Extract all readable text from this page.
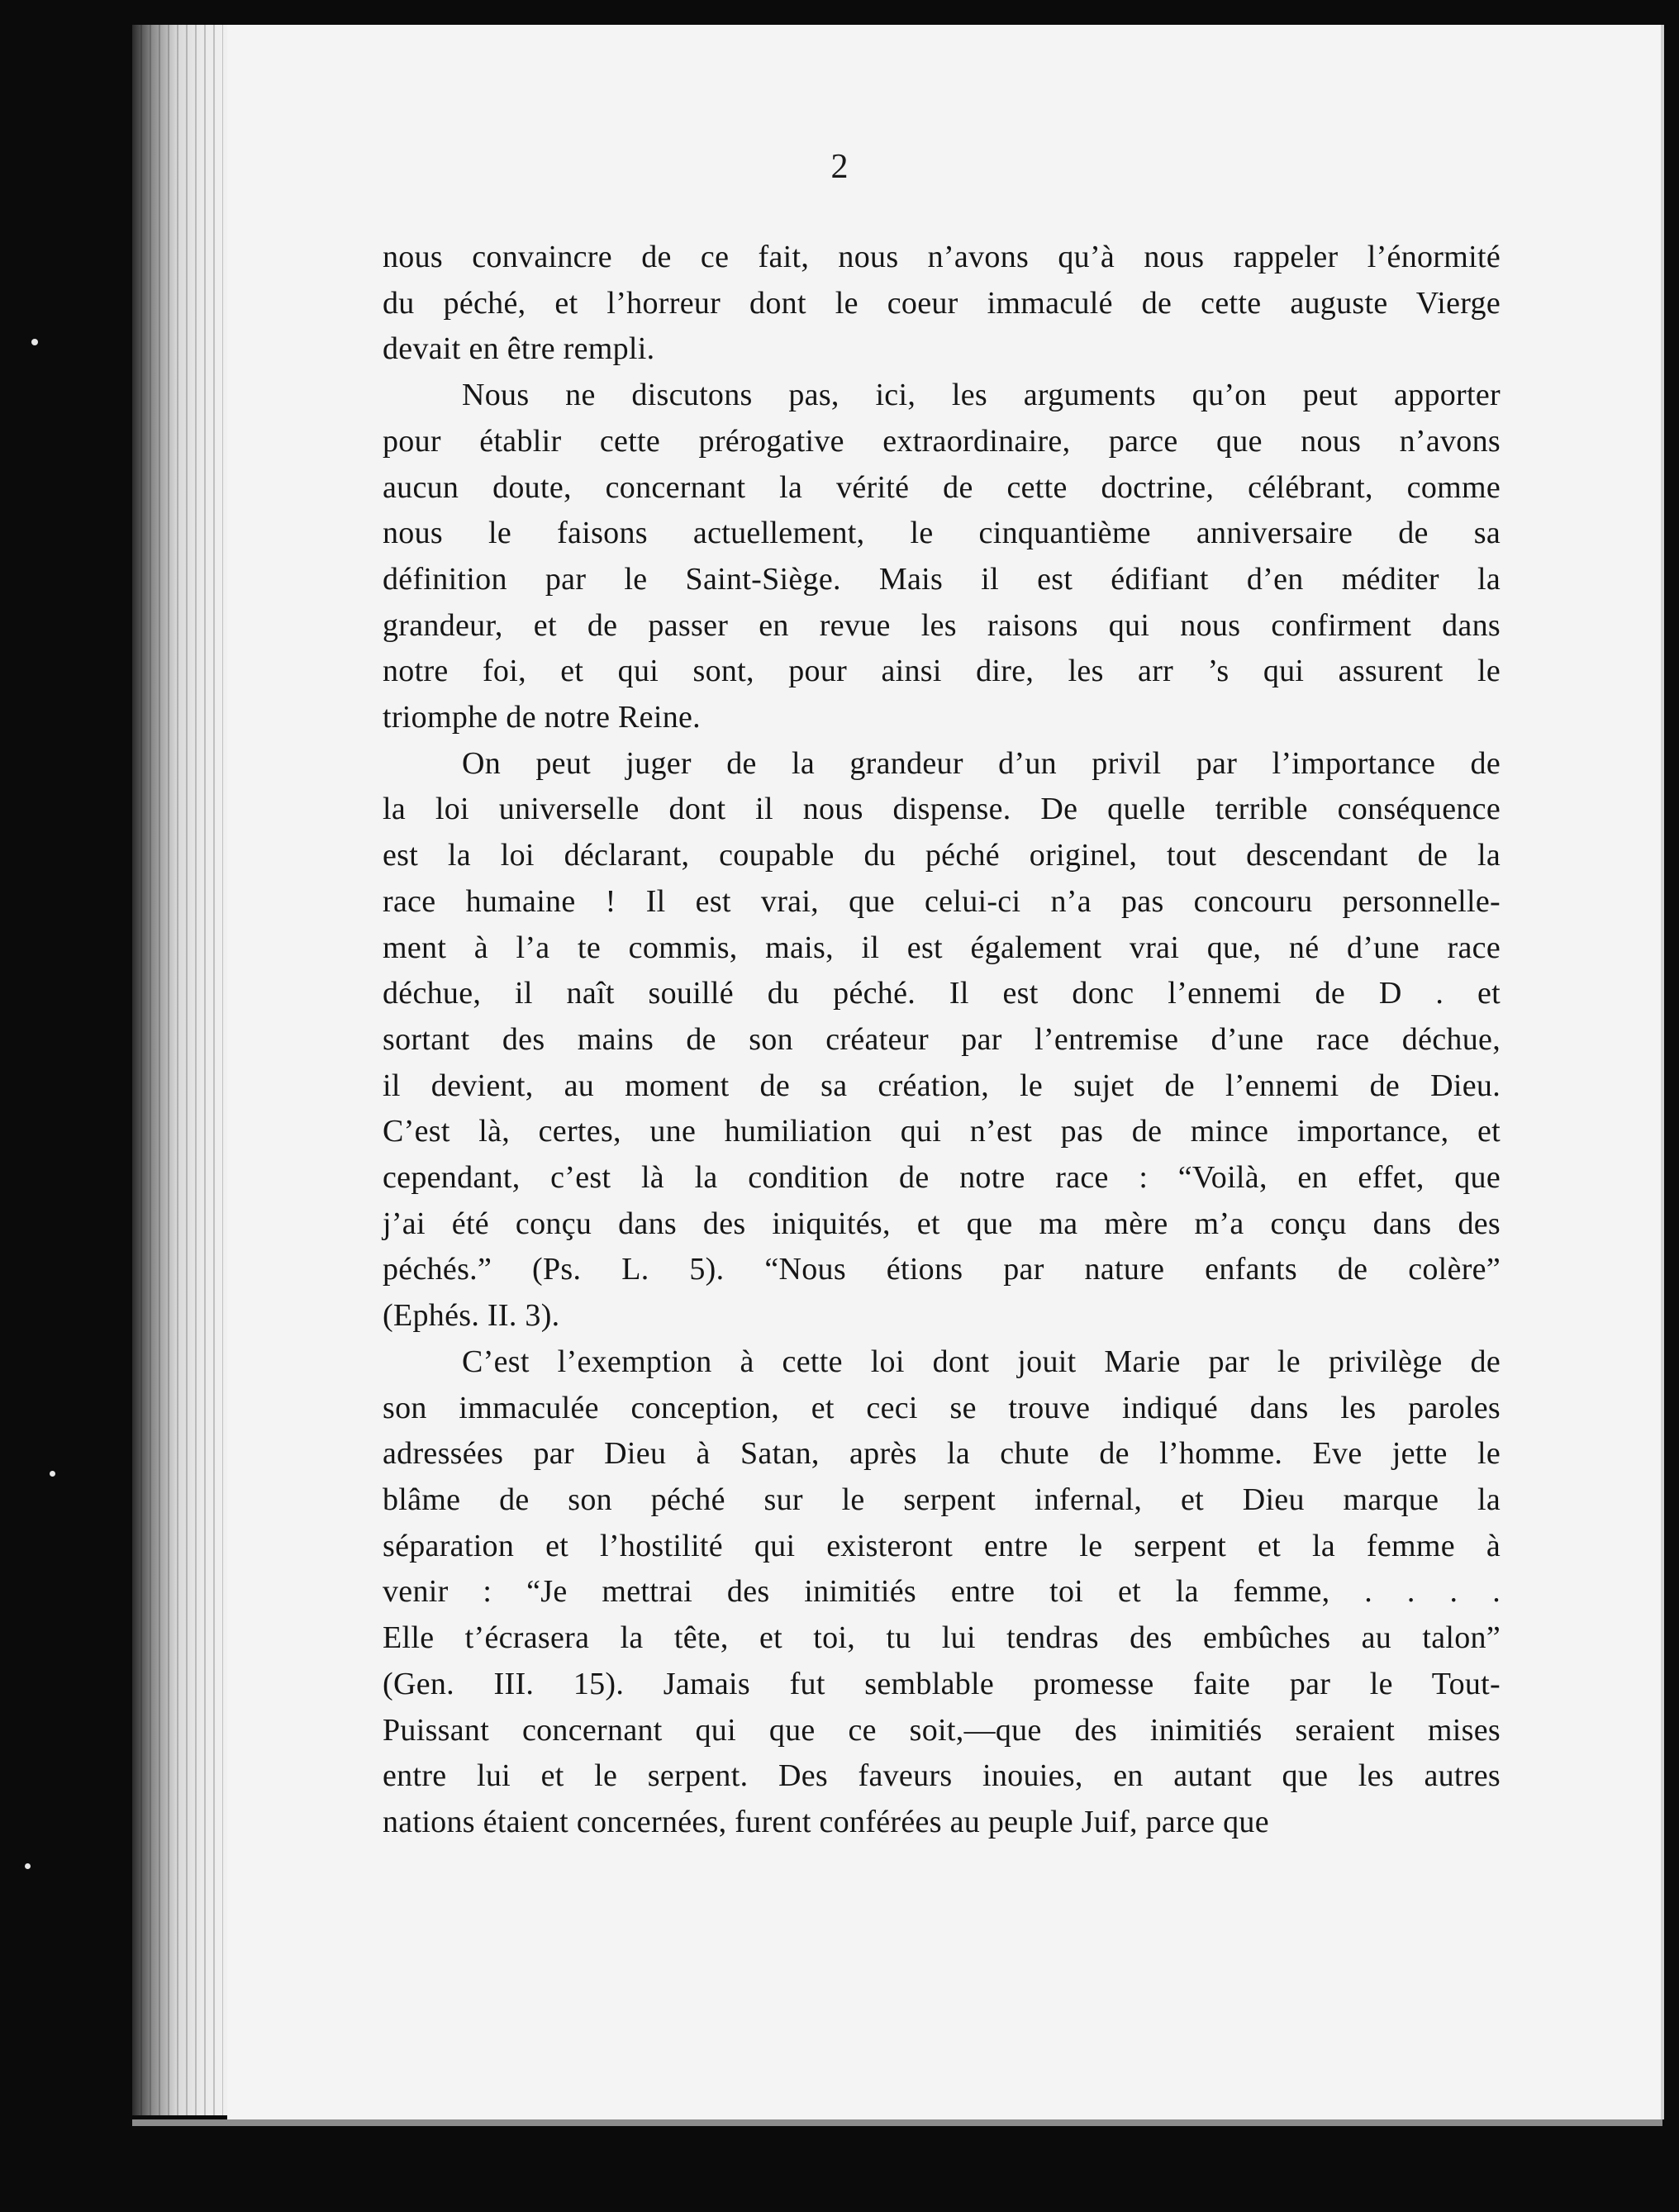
2
nous convaincre de ce fait, nous n’avons qu’à nous rappeler l’énormité
du péché, et l’horreur dont le coeur immaculé de cette auguste Vierge
devait en être rempli.
Nous ne discutons pas, ici, les arguments qu’on peut apporter
pour établir cette prérogative extraordinaire, parce que nous n’avons
aucun doute, concernant la vérité de cette doctrine, célébrant, comme
nous le faisons actuellement, le cinquantième anniversaire de sa
définition par le Saint-Siège. Mais il est édifiant d’en méditer la
grandeur, et de passer en revue les raisons qui nous confirment dans
notre foi, et qui sont, pour ainsi dire, les arr ’s qui assurent le
triomphe de notre Reine.
On peut juger de la grandeur d’un privil par l’importance de
la loi universelle dont il nous dispense. De quelle terrible conséquence
est la loi déclarant, coupable du péché originel, tout descendant de la
race humaine ! Il est vrai, que celui-ci n’a pas concouru personnelle-
ment à l’a te commis, mais, il est également vrai que, né d’une race
déchue, il naît souillé du péché. Il est donc l’ennemi de D . et
sortant des mains de son créateur par l’entremise d’une race déchue,
il devient, au moment de sa création, le sujet de l’ennemi de Dieu.
C’est là, certes, une humiliation qui n’est pas de mince importance, et
cependant, c’est là la condition de notre race : “Voilà, en effet, que
j’ai été conçu dans des iniquités, et que ma mère m’a conçu dans des
péchés.” (Ps. L. 5). “Nous étions par nature enfants de colère”
(Ephés. II. 3).
C’est l’exemption à cette loi dont jouit Marie par le privilège de
son immaculée conception, et ceci se trouve indiqué dans les paroles
adressées par Dieu à Satan, après la chute de l’homme. Eve jette le
blâme de son péché sur le serpent infernal, et Dieu marque la
séparation et l’hostilité qui existeront entre le serpent et la femme à
venir : “Je mettrai des inimitiés entre toi et la femme, . . . .
Elle t’écrasera la tête, et toi, tu lui tendras des embûches au talon”
(Gen. III. 15). Jamais fut semblable promesse faite par le Tout-
Puissant concernant qui que ce soit,—que des inimitiés seraient mises
entre lui et le serpent. Des faveurs inouies, en autant que les autres
nations étaient concernées, furent conférées au peuple Juif, parce que
